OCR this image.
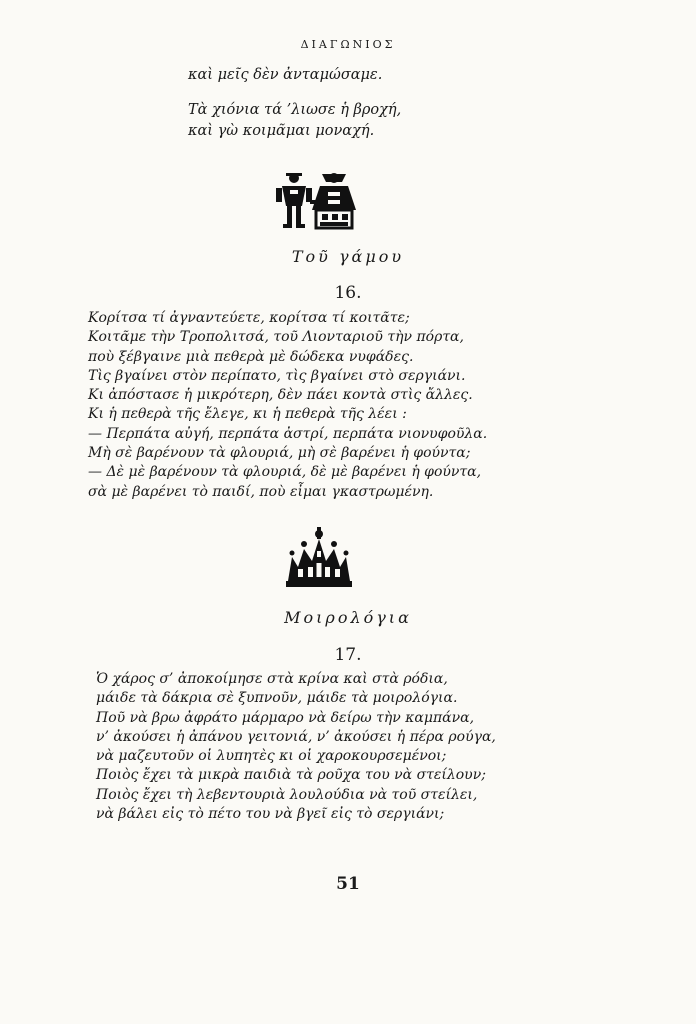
ΔΙΑΓΩΝΙΟΣ
καὶ μεῖς δὲν ἀνταμώσαμε.
Τὰ χιόνια τά ’λιωσε ἡ βροχή,
καὶ γὼ κοιμᾶμαι μοναχή.
Τοῦ γάμου
16.
Κορίτσα τί ἀγναντεύετε, κορίτσα τί κοιτᾶτε;
Κοιτᾶμε τὴν Τροπολιτσά, τοῦ Λιονταριοῦ τὴν πόρτα,
ποὺ ξέβγαινε μιὰ πεθερὰ μὲ δώδεκα νυφάδες.
Τὶς βγαίνει στὸν περίπατο, τὶς βγαίνει στὸ σεργιάνι.
Κι ἀπόστασε ἡ μικρότερη, δὲν πάει κοντὰ στὶς ἄλλες.
Κι ἡ πεθερὰ τῆς ἔλεγε, κι ἡ πεθερὰ τῆς λέει :
— Περπάτα αὐγή, περπάτα ἀστρί, περπάτα νιονυφοῦλα.
Μὴ σὲ βαρένουν τὰ φλουριά, μὴ σὲ βαρένει ἡ φούντα;
— Δὲ μὲ βαρένουν τὰ φλουριά, δὲ μὲ βαρένει ἡ φούντα,
σὰ μὲ βαρένει τὸ παιδί, ποὺ εἶμαι γκαστρωμένη.
Μοιρολόγια
17.
Ὁ χάρος σ’ ἀποκοίμησε στὰ κρίνα καὶ στὰ ρόδια,
μάιδε τὰ δάκρια σὲ ξυπνοῦν, μάιδε τὰ μοιρολόγια.
Ποῦ νὰ βρω ἀφράτο μάρμαρο νὰ δείρω τὴν καμπάνα,
ν’ ἀκούσει ἡ ἀπάνου γειτονιά, ν’ ἀκούσει ἡ πέρα ρούγα,
νὰ μαζευτοῦν οἱ λυπητὲς κι οἱ χαροκουρσεμένοι;
Ποιὸς ἔχει τὰ μικρὰ παιδιὰ τὰ ροῦχα του νὰ στείλουν;
Ποιὸς ἔχει τὴ λεβεντουριὰ λουλούδια νὰ τοῦ στείλει,
νὰ βάλει εἰς τὸ πέτο του νὰ βγεῖ εἰς τὸ σεργιάνι;
51
